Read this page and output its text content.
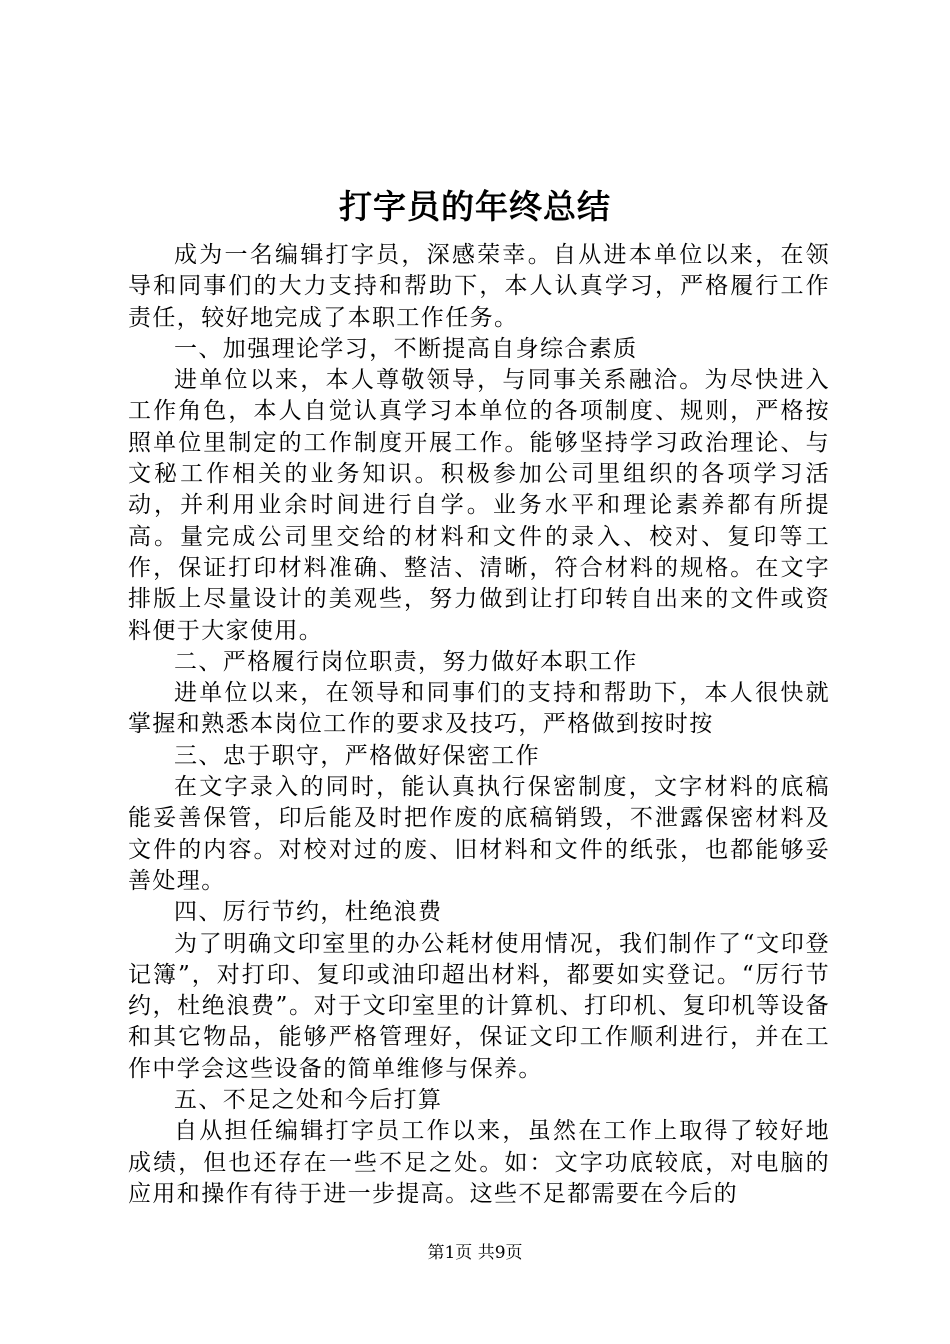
打字员的年终总结

成为一名编辑打字员，深感荣幸。自从进本单位以来，在领导和同事们的大力支持和帮助下，本人认真学习，严格履行工作责任，较好地完成了本职工作任务。

一、加强理论学习，不断提高自身综合素质

进单位以来，本人尊敬领导，与同事关系融洽。为尽快进入工作角色，本人自觉认真学习本单位的各项制度、规则，严格按照单位里制定的工作制度开展工作。能够坚持学习政治理论、与文秘工作相关的业务知识。积极参加公司里组织的各项学习活动，并利用业余时间进行自学。业务水平和理论素养都有所提高。量完成公司里交给的材料和文件的录入、校对、复印等工作，保证打印材料准确、整洁、清晰，符合材料的规格。在文字排版上尽量设计的美观些，努力做到让打印转自出来的文件或资料便于大家使用。

二、严格履行岗位职责，努力做好本职工作

进单位以来，在领导和同事们的支持和帮助下，本人很快就掌握和熟悉本岗位工作的要求及技巧，严格做到按时按

三、忠于职守，严格做好保密工作

在文字录入的同时，能认真执行保密制度，文字材料的底稿能妥善保管，印后能及时把作废的底稿销毁，不泄露保密材料及文件的内容。对校对过的废、旧材料和文件的纸张，也都能够妥善处理。

四、厉行节约，杜绝浪费

为了明确文印室里的办公耗材使用情况，我们制作了“文印登记簿”，对打印、复印或油印超出材料，都要如实登记。“厉行节约，杜绝浪费”。对于文印室里的计算机、打印机、复印机等设备和其它物品，能够严格管理好，保证文印工作顺利进行，并在工作中学会这些设备的简单维修与保养。

五、不足之处和今后打算

自从担任编辑打字员工作以来，虽然在工作上取得了较好地成绩，但也还存在一些不足之处。如：文字功底较底，对电脑的应用和操作有待于进一步提高。这些不足都需要在今后的

第1页 共9页
